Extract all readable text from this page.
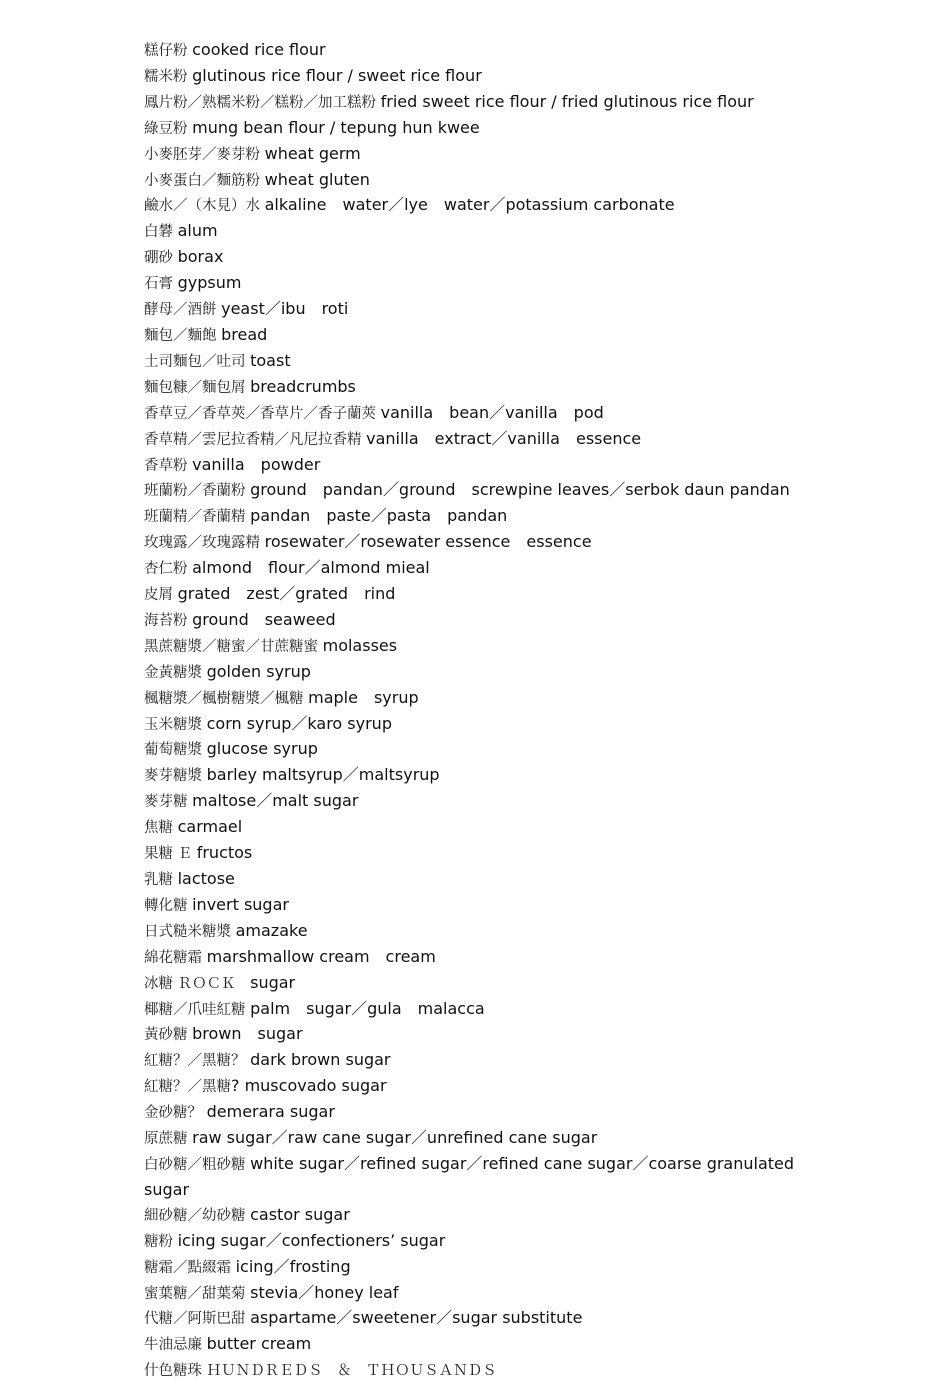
糕仔粉 cooked rice flour
糯米粉 glutinous rice flour / sweet rice flour
鳳片粉／熟糯米粉／糕粉／加工糕粉 fried sweet rice flour / fried glutinous rice flour
綠豆粉 mung bean flour / tepung hun kwee
小麥胚芽／麥芽粉 wheat germ
小麥蛋白／麵筋粉 wheat gluten
鹼水／（木見）水 alkaline　water／lye　water／potassium carbonate
白礬 alum
硼砂 borax
石膏 gypsum
酵母／酒餅 yeast／ibu　roti
麵包／麵飽 bread
土司麵包／吐司 toast
麵包糠／麵包屑 breadcrumbs
香草豆／香草莢／香草片／香子蘭莢 vanilla　bean／vanilla　pod
香草精／雲尼拉香精／凡尼拉香精 vanilla　extract／vanilla　essence
香草粉 vanilla　powder
班蘭粉／香蘭粉 ground　pandan／ground　screwpine leaves／serbok daun pandan
班蘭精／香蘭精 pandan　paste／pasta　pandan
玫瑰露／玫瑰露精 rosewater／rosewater essence　essence
杏仁粉 almond　flour／almond mieal
皮屑 grated　zest／grated　rind
海苔粉 ground　seaweed
黑蔗糖漿／糖蜜／甘蔗糖蜜 molasses
金黃糖漿 golden syrup
楓糖漿／楓樹糖漿／楓糖 maple　syrup
玉米糖漿 corn syrup／karo syrup
葡萄糖漿 glucose syrup
麥芽糖漿 barley maltsyrup／maltsyrup
麥芽糖 maltose／malt sugar
焦糖 carmael
果糖 Ｅ fructos
乳糖 lactose
轉化糖 invert sugar
日式糙米糖漿 amazake
綿花糖霜 marshmallow cream　cream
冰糖 ＲＯＣＫ　sugar
椰糖／爪哇紅糖 palm　sugar／gula　malacca
黃砂糖 brown　sugar
紅糖？／黑糖？ dark brown sugar
紅糖？／黑糖? muscovado sugar
金砂糖？ demerara sugar
原蔗糖 raw sugar／raw cane sugar／unrefined cane sugar
白砂糖／粗砂糖 white sugar／refined sugar／refined cane sugar／coarse granulated sugar
細砂糖／幼砂糖 castor sugar
糖粉 icing sugar／confectioners’ sugar
糖霜／點綴霜 icing／frosting
蜜葉糖／甜葉菊 stevia／honey leaf
代糖／阿斯巴甜 aspartame／sweetener／sugar substitute
牛油忌廉 butter cream
什色糖珠 ＨＵＮＤＲＥＤＳ　＆　ＴＨＯＵＳＡＮＤＳ
